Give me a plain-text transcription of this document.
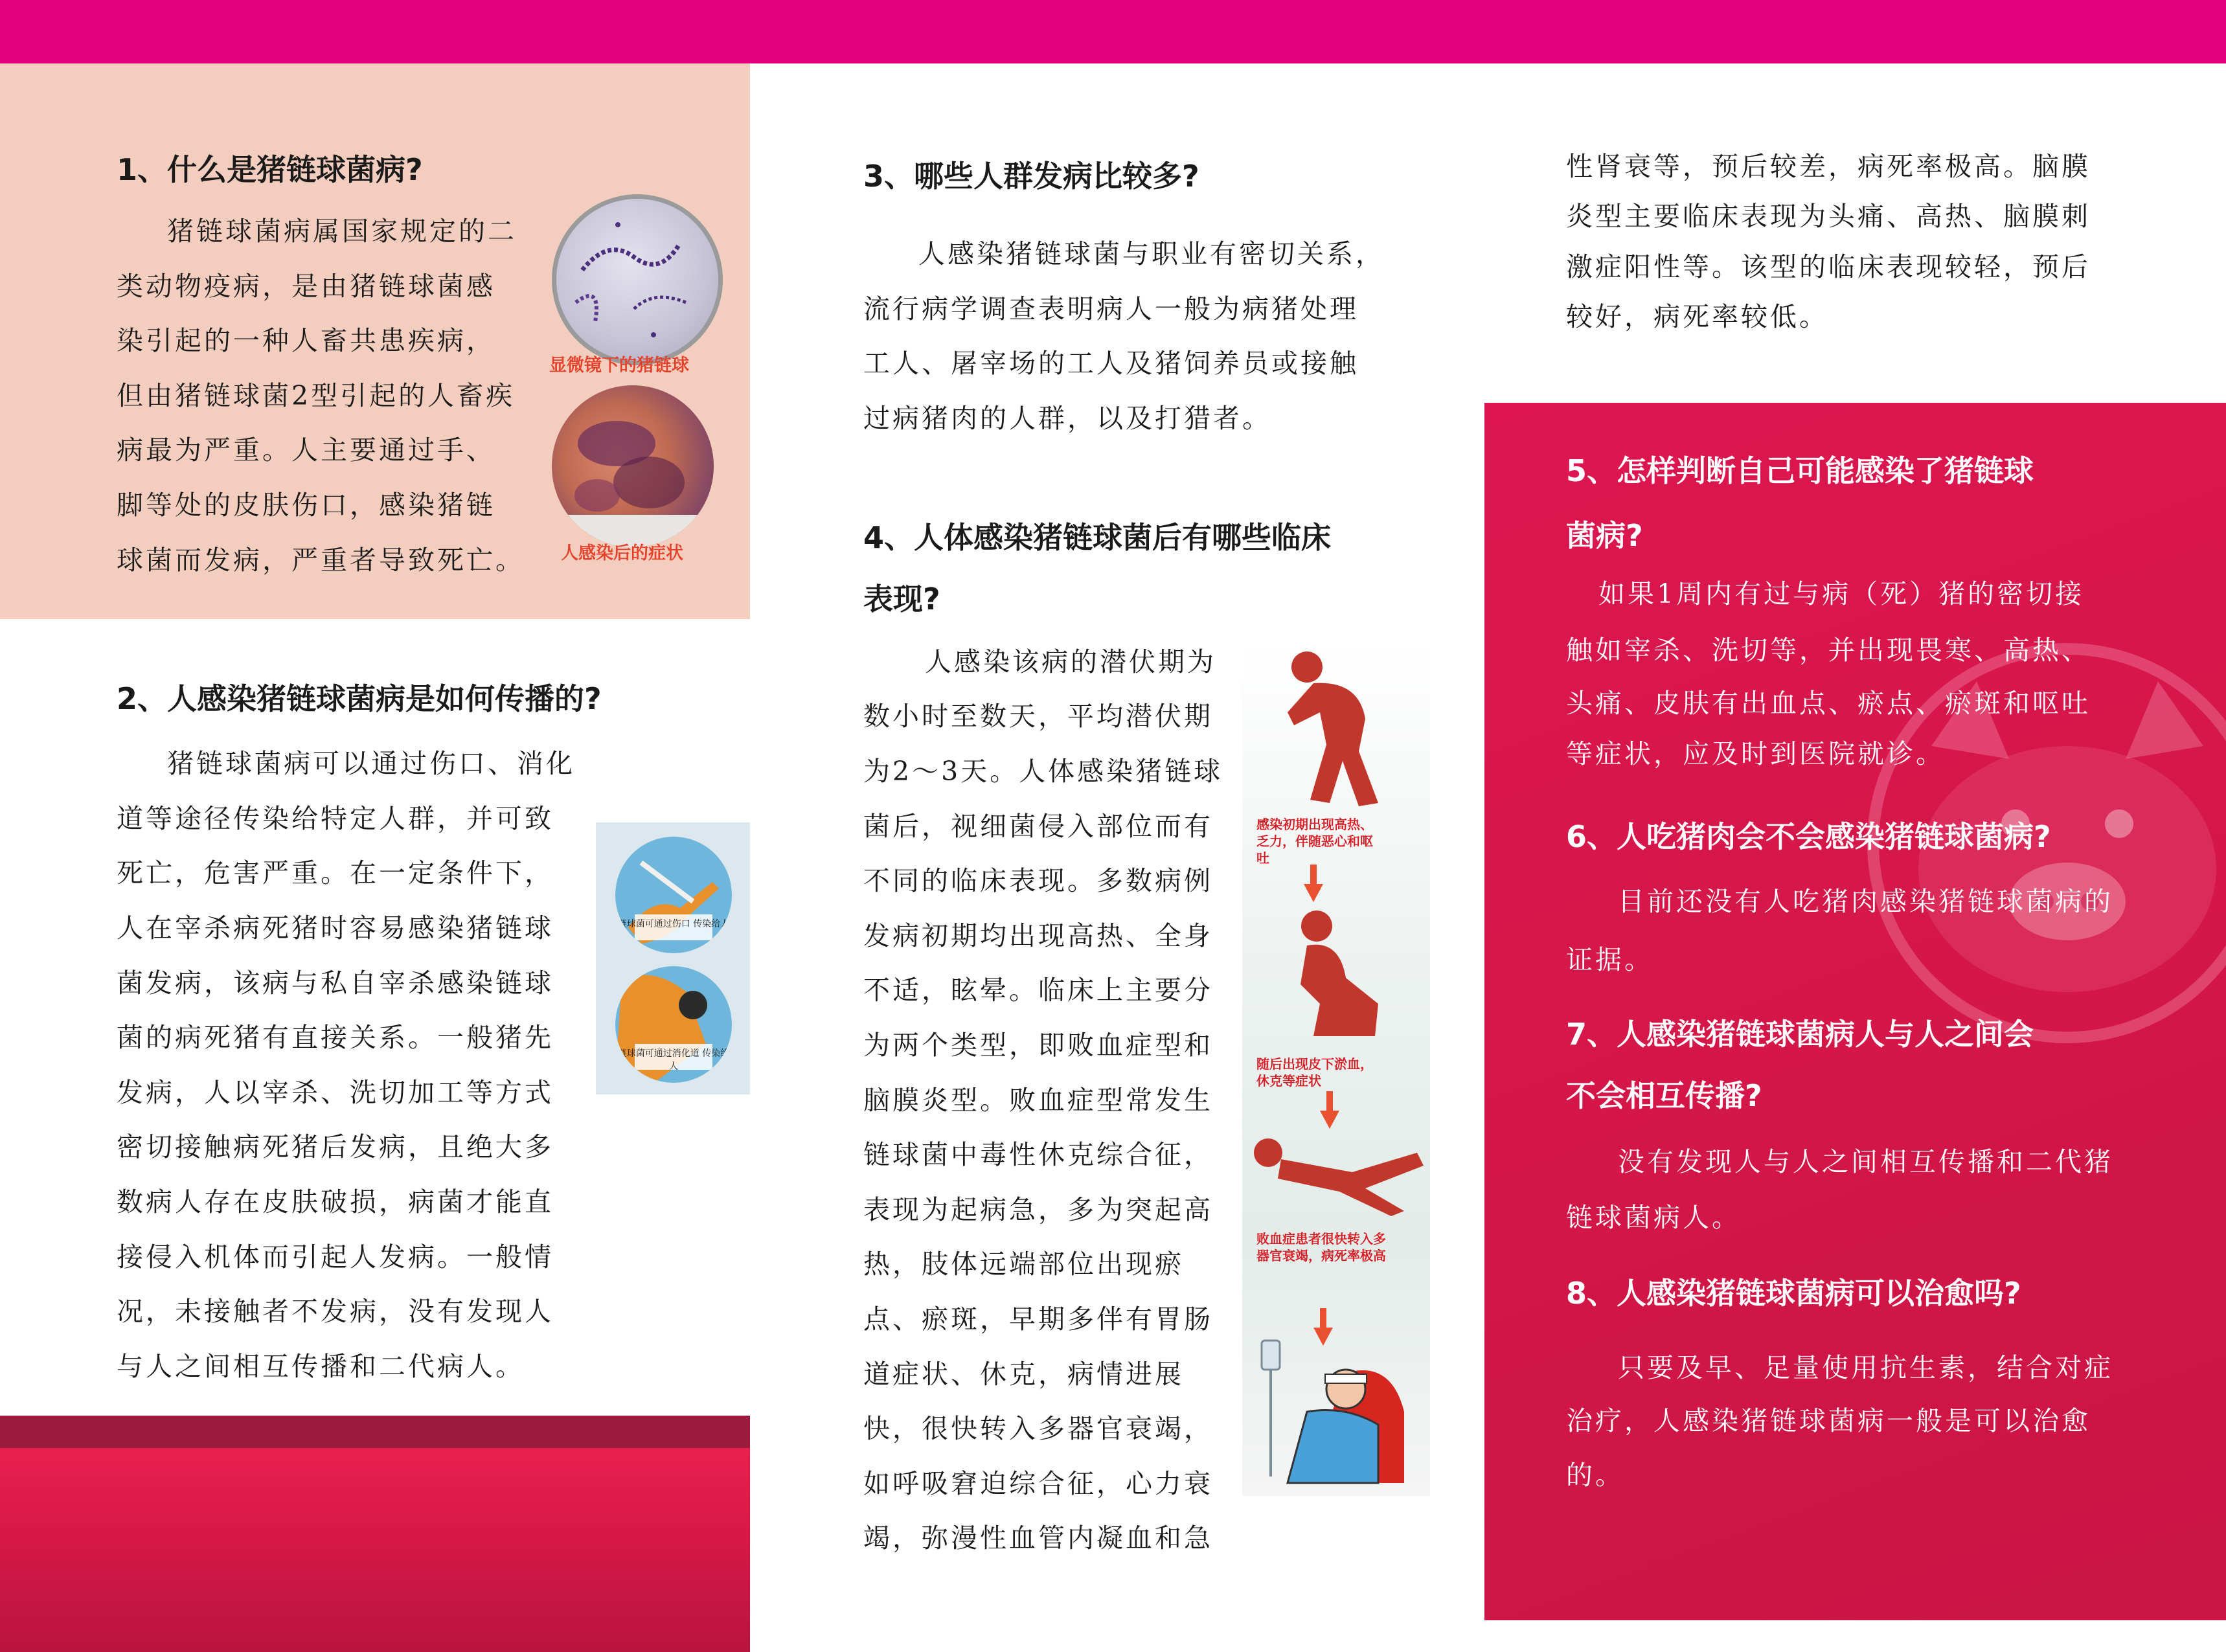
1、什么是猪链球菌病?

猪链球菌病属国家规定的二

类动物疫病，是由猪链球菌感

染引起的一种人畜共患疾病，

但由猪链球菌2型引起的人畜疾

病最为严重。人主要通过手、

脚等处的皮肤伤口，感染猪链

球菌而发病，严重者导致死亡。

显微镜下的猪链球

人感染后的症状

2、人感染猪链球菌病是如何传播的?

猪链球菌病可以通过伤口、消化

道等途径传染给特定人群，并可致

死亡，危害严重。在一定条件下，

人在宰杀病死猪时容易感染猪链球

菌发病，该病与私自宰杀感染链球

菌的病死猪有直接关系。一般猪先

发病，人以宰杀、洗切加工等方式

密切接触病死猪后发病，且绝大多

数病人存在皮肤破损，病菌才能直

接侵入机体而引起人发病。一般情

况，未接触者不发病，没有发现人

与人之间相互传播和二代病人。

链球菌可通过伤口 传染给人

链球菌可通过消化道 传染给人

3、哪些人群发病比较多?

人感染猪链球菌与职业有密切关系，

流行病学调查表明病人一般为病猪处理

工人、屠宰场的工人及猪饲养员或接触

过病猪肉的人群，以及打猎者。

4、人体感染猪链球菌后有哪些临床
表现?

人感染该病的潜伏期为

数小时至数天，平均潜伏期

为2～3天。人体感染猪链球

菌后，视细菌侵入部位而有

不同的临床表现。多数病例

发病初期均出现高热、全身

不适，眩晕。临床上主要分

为两个类型，即败血症型和

脑膜炎型。败血症型常发生

链球菌中毒性休克综合征，

表现为起病急，多为突起高

热，肢体远端部位出现瘀

点、瘀斑，早期多伴有胃肠

道症状、休克，病情进展

快，很快转入多器官衰竭，

如呼吸窘迫综合征，心力衰

竭，弥漫性血管内凝血和急

感染初期出现高热、乏力，伴随恶心和呕吐

随后出现皮下淤血，休克等症状

败血症患者很快转入多器官衰竭，病死率极高

性肾衰等，预后较差，病死率极高。脑膜

炎型主要临床表现为头痛、高热、脑膜刺

激症阳性等。该型的临床表现较轻，预后

较好，病死率较低。

5、怎样判断自己可能感染了猪链球
菌病?

如果1周内有过与病（死）猪的密切接

触如宰杀、洗切等，并出现畏寒、高热、

头痛、皮肤有出血点、瘀点、瘀斑和呕吐

等症状，应及时到医院就诊。

6、人吃猪肉会不会感染猪链球菌病?

目前还没有人吃猪肉感染猪链球菌病的

证据。

7、人感染猪链球菌病人与人之间会
不会相互传播?

没有发现人与人之间相互传播和二代猪

链球菌病人。

8、人感染猪链球菌病可以治愈吗?

只要及早、足量使用抗生素，结合对症

治疗，人感染猪链球菌病一般是可以治愈

的。
